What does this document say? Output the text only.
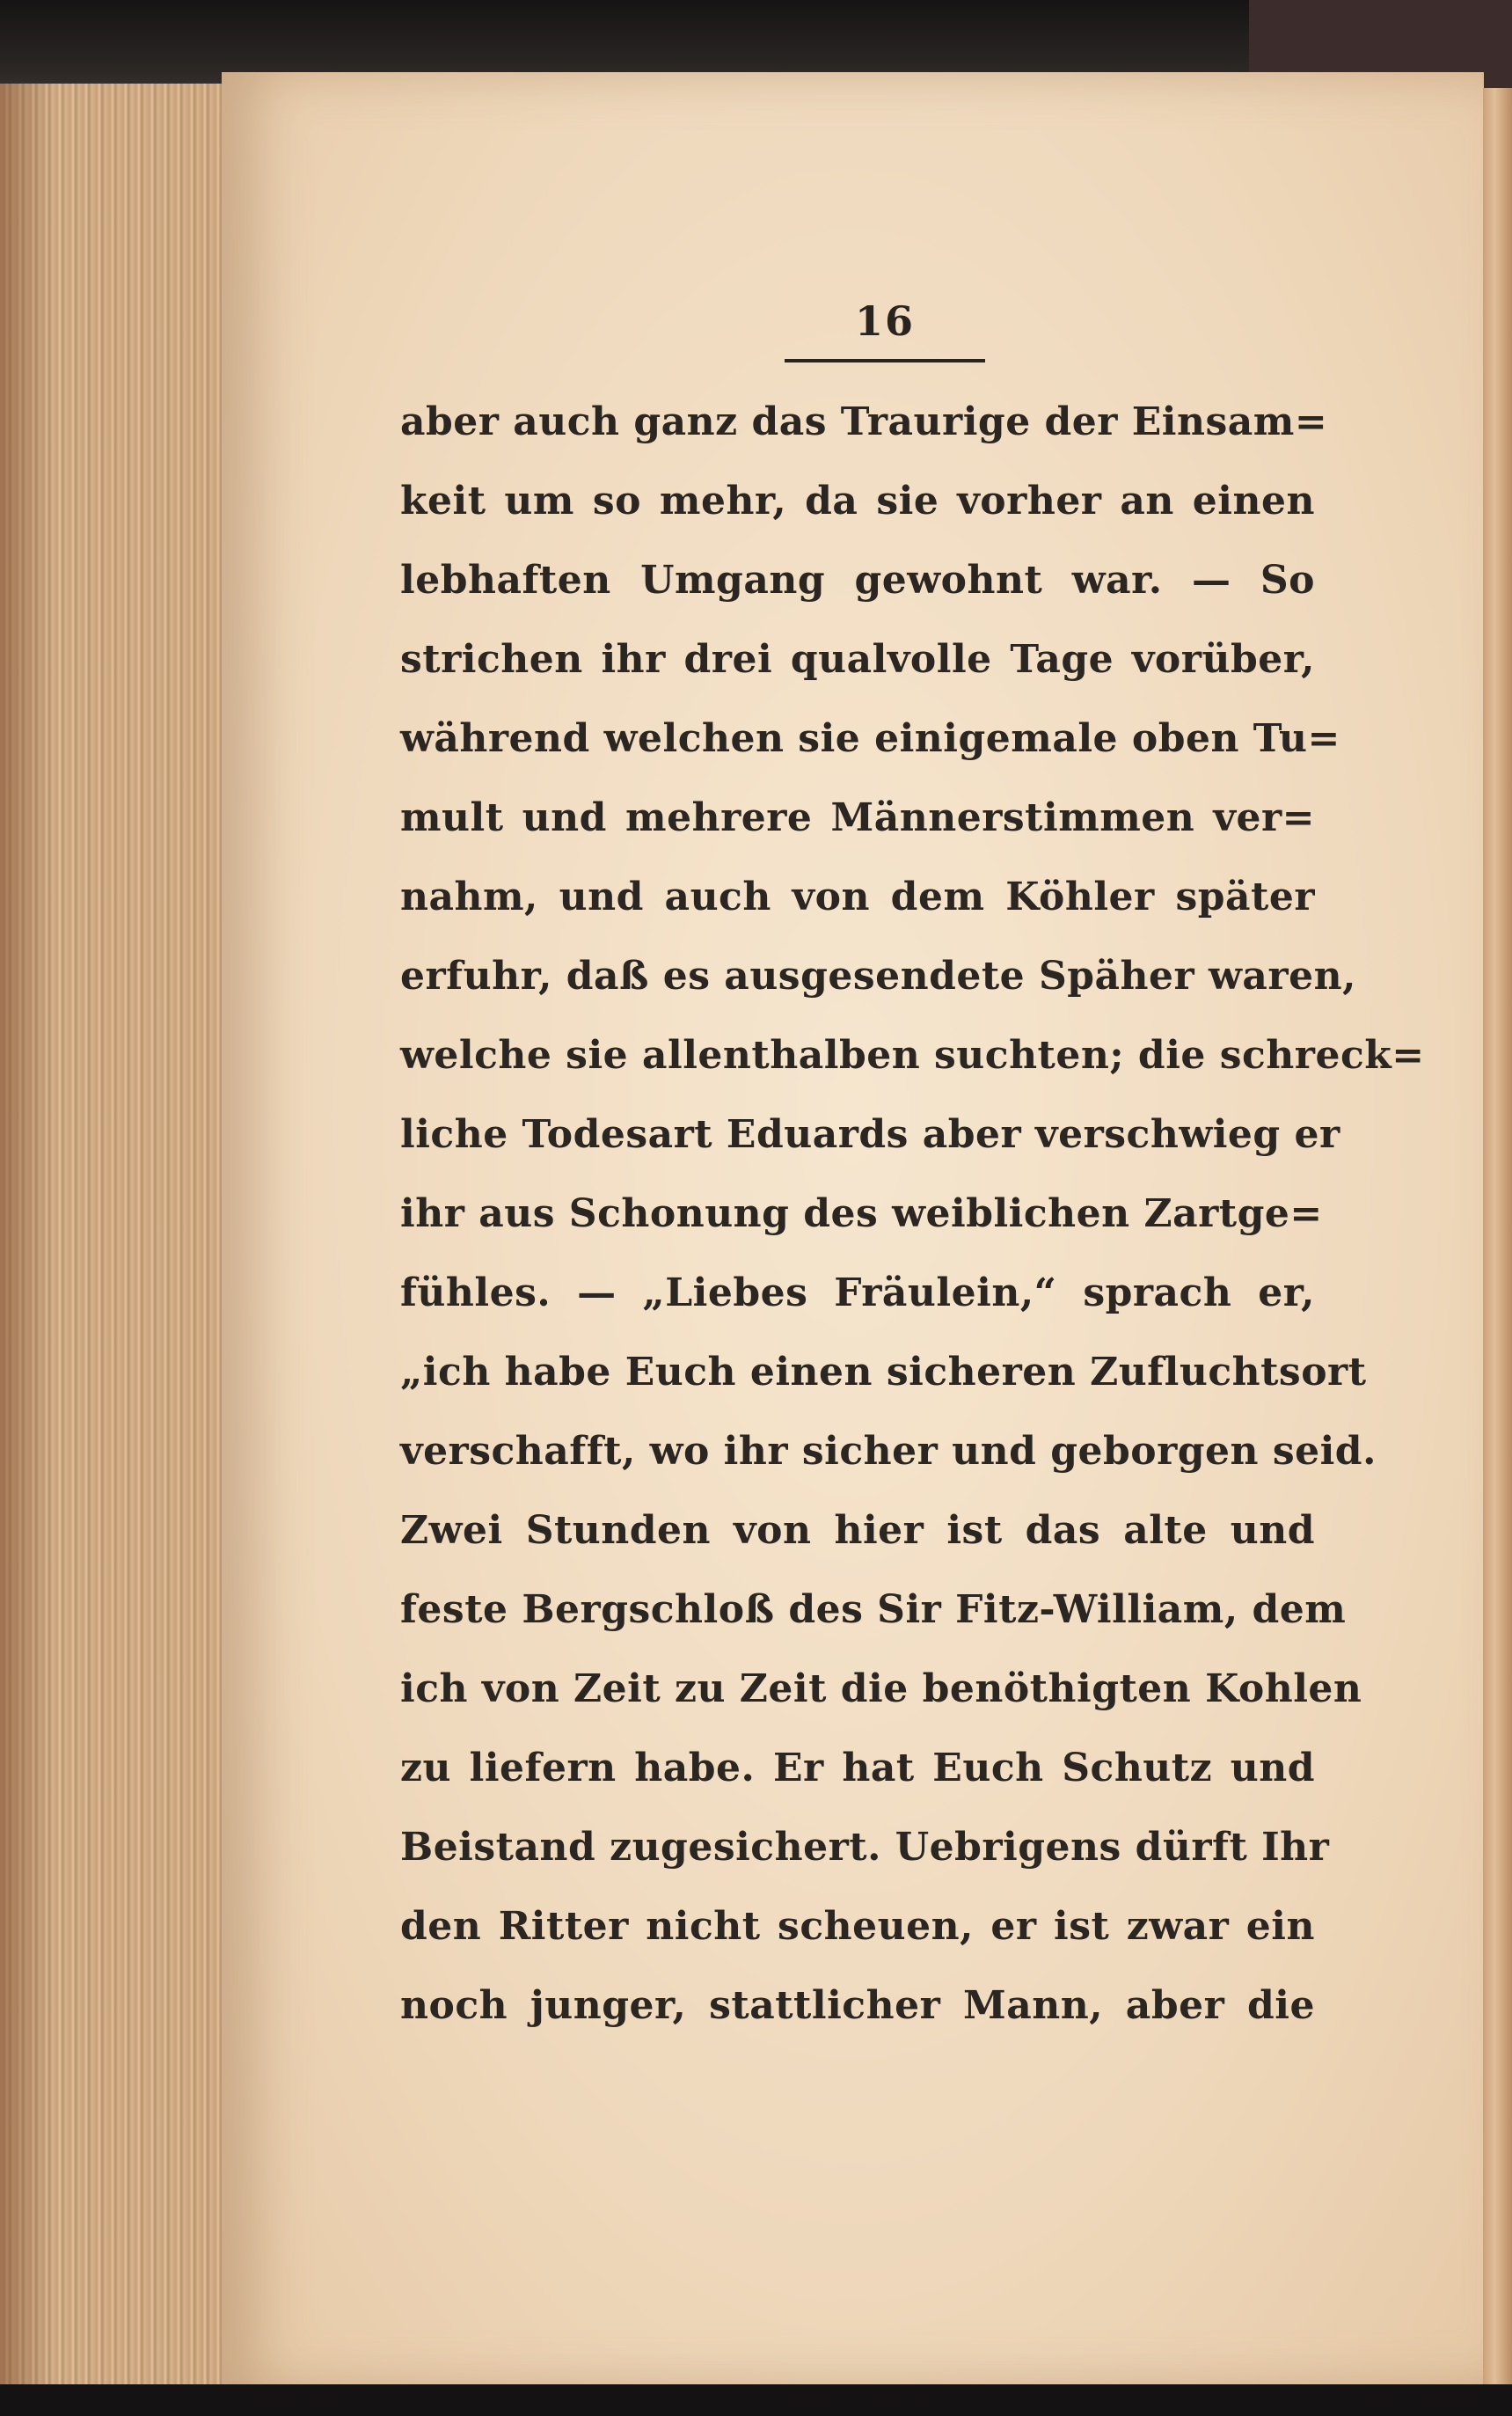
16
aber auch ganz das Traurige der Einsam=
keit um so mehr, da sie vorher an einen
lebhaften Umgang gewohnt war. — So
strichen ihr drei qualvolle Tage vorüber,
während welchen sie einigemale oben Tu=
mult und mehrere Männerstimmen ver=
nahm, und auch von dem Köhler später
erfuhr, daß es ausgesendete Späher waren,
welche sie allenthalben suchten; die schreck=
liche Todesart Eduards aber verschwieg er
ihr aus Schonung des weiblichen Zartge=
fühles. — „Liebes Fräulein,“ sprach er,
„ich habe Euch einen sicheren Zufluchtsort
verschafft, wo ihr sicher und geborgen seid.
Zwei Stunden von hier ist das alte und
feste Bergschloß des Sir Fitz-William, dem
ich von Zeit zu Zeit die benöthigten Kohlen
zu liefern habe. Er hat Euch Schutz und
Beistand zugesichert. Uebrigens dürft Ihr
den Ritter nicht scheuen, er ist zwar ein
noch junger, stattlicher Mann, aber die
